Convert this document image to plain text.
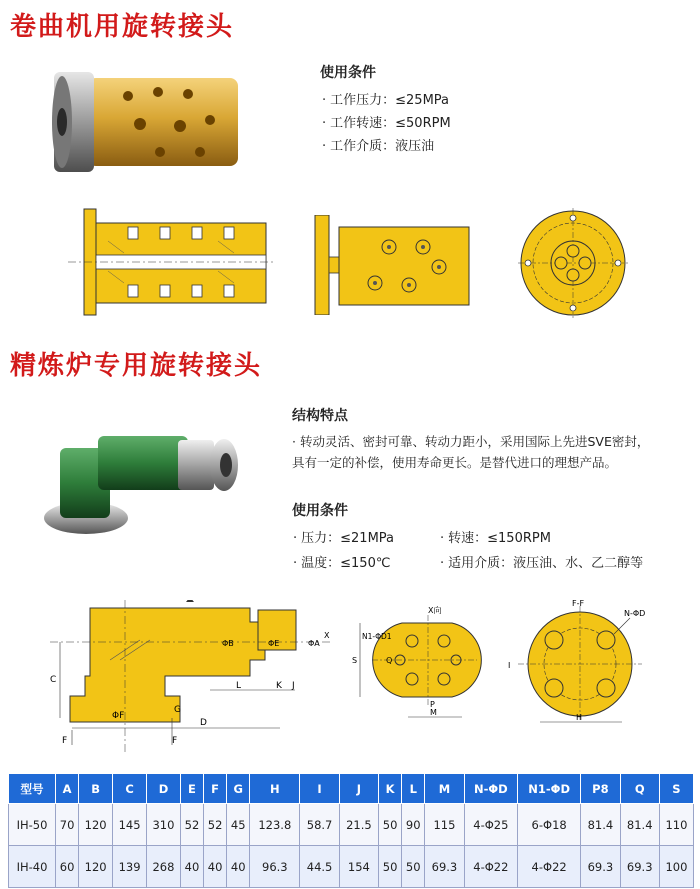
卷曲机用旋转接头
使用条件
· 工作压力：≤25MPa
· 工作转速：≤50RPM
· 工作介质：液压油
精炼炉专用旋转接头
结构特点
· 转动灵活、密封可靠、转动力距小，采用国际上先进SVE密封，
具有一定的补偿，使用寿命更长。是替代进口的理想产品。
使用条件
· 压力：≤21MPa	· 转速：≤150RPM
· 温度：≤150℃	· 适用介质：液压油、水、乙二醇等
C
F	F
ΦF
G
D
L	K J
ΦB	ΦE	ΦA
X
X向
N1-ΦD1
S	Q
P
M
F-F
N-ΦD
I
H
型号	A	B	C	D	E	F	G	H	I	J	K	L	M	N-ΦD	N1-ΦD	P8	Q	S
IH-50	70	120	145	310	52	52	45	123.8	58.7	21.5	50	90	115	4-Φ25	6-Φ18	81.4	81.4	110
IH-40	60	120	139	268	40	40	40	96.3	44.5	154	50	50	69.3	4-Φ22	4-Φ22	69.3	69.3	100
